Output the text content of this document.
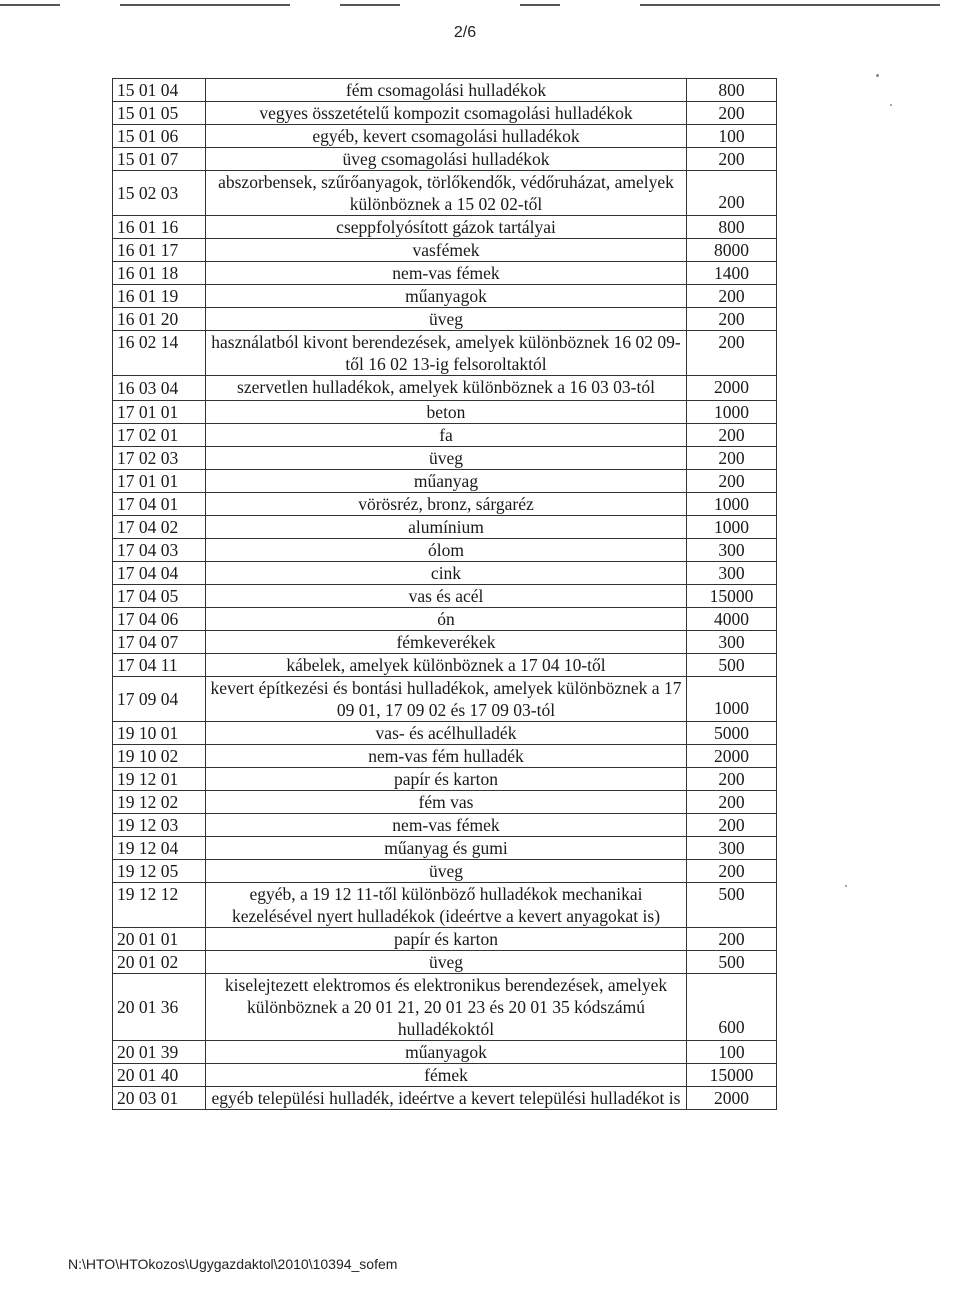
2/6
15 01 04	fém csomagolási hulladékok	800
15 01 05	vegyes összetételű kompozit csomagolási hulladékok	200
15 01 06	egyéb, kevert csomagolási hulladékok	100
15 01 07	üveg csomagolási hulladékok	200
15 02 03	abszorbensek, szűrőanyagok, törlőkendők, védőruházat, amelyek különböznek a 15 02 02-től	200
16 01 16	cseppfolyósított gázok tartályai	800
16 01 17	vasfémek	8000
16 01 18	nem-vas fémek	1400
16 01 19	műanyagok	200
16 01 20	üveg	200
16 02 14	használatból kivont berendezések, amelyek különböznek 16 02 09-től 16 02 13-ig felsoroltaktól	200
16 03 04	szervetlen hulladékok, amelyek különböznek a 16 03 03-tól	2000
17 01 01	beton	1000
17 02 01	fa	200
17 02 03	üveg	200
17 01 01	műanyag	200
17 04 01	vörösréz, bronz, sárgaréz	1000
17 04 02	alumínium	1000
17 04 03	ólom	300
17 04 04	cink	300
17 04 05	vas és acél	15000
17 04 06	ón	4000
17 04 07	fémkeverékek	300
17 04 11	kábelek, amelyek különböznek a 17 04 10-től	500
17 09 04	kevert építkezési és bontási hulladékok, amelyek különböznek a 17 09 01, 17 09 02 és 17 09 03-tól	1000
19 10 01	vas- és acélhulladék	5000
19 10 02	nem-vas fém hulladék	2000
19 12 01	papír és karton	200
19 12 02	fém vas	200
19 12 03	nem-vas fémek	200
19 12 04	műanyag és gumi	300
19 12 05	üveg	200
19 12 12	egyéb, a 19 12 11-től különböző hulladékok mechanikai kezelésével nyert hulladékok (ideértve a kevert anyagokat is)	500
20 01 01	papír és karton	200
20 01 02	üveg	500
20 01 36	kiselejtezett elektromos és elektronikus berendezések, amelyek különböznek a 20 01 21, 20 01 23 és 20 01 35 kódszámú hulladékoktól	600
20 01 39	műanyagok	100
20 01 40	fémek	15000
20 03 01	egyéb települési hulladék, ideértve a kevert települési hulladékot is	2000
N:\HTO\HTOkozos\Ugygazdaktol\2010\10394_sofem
